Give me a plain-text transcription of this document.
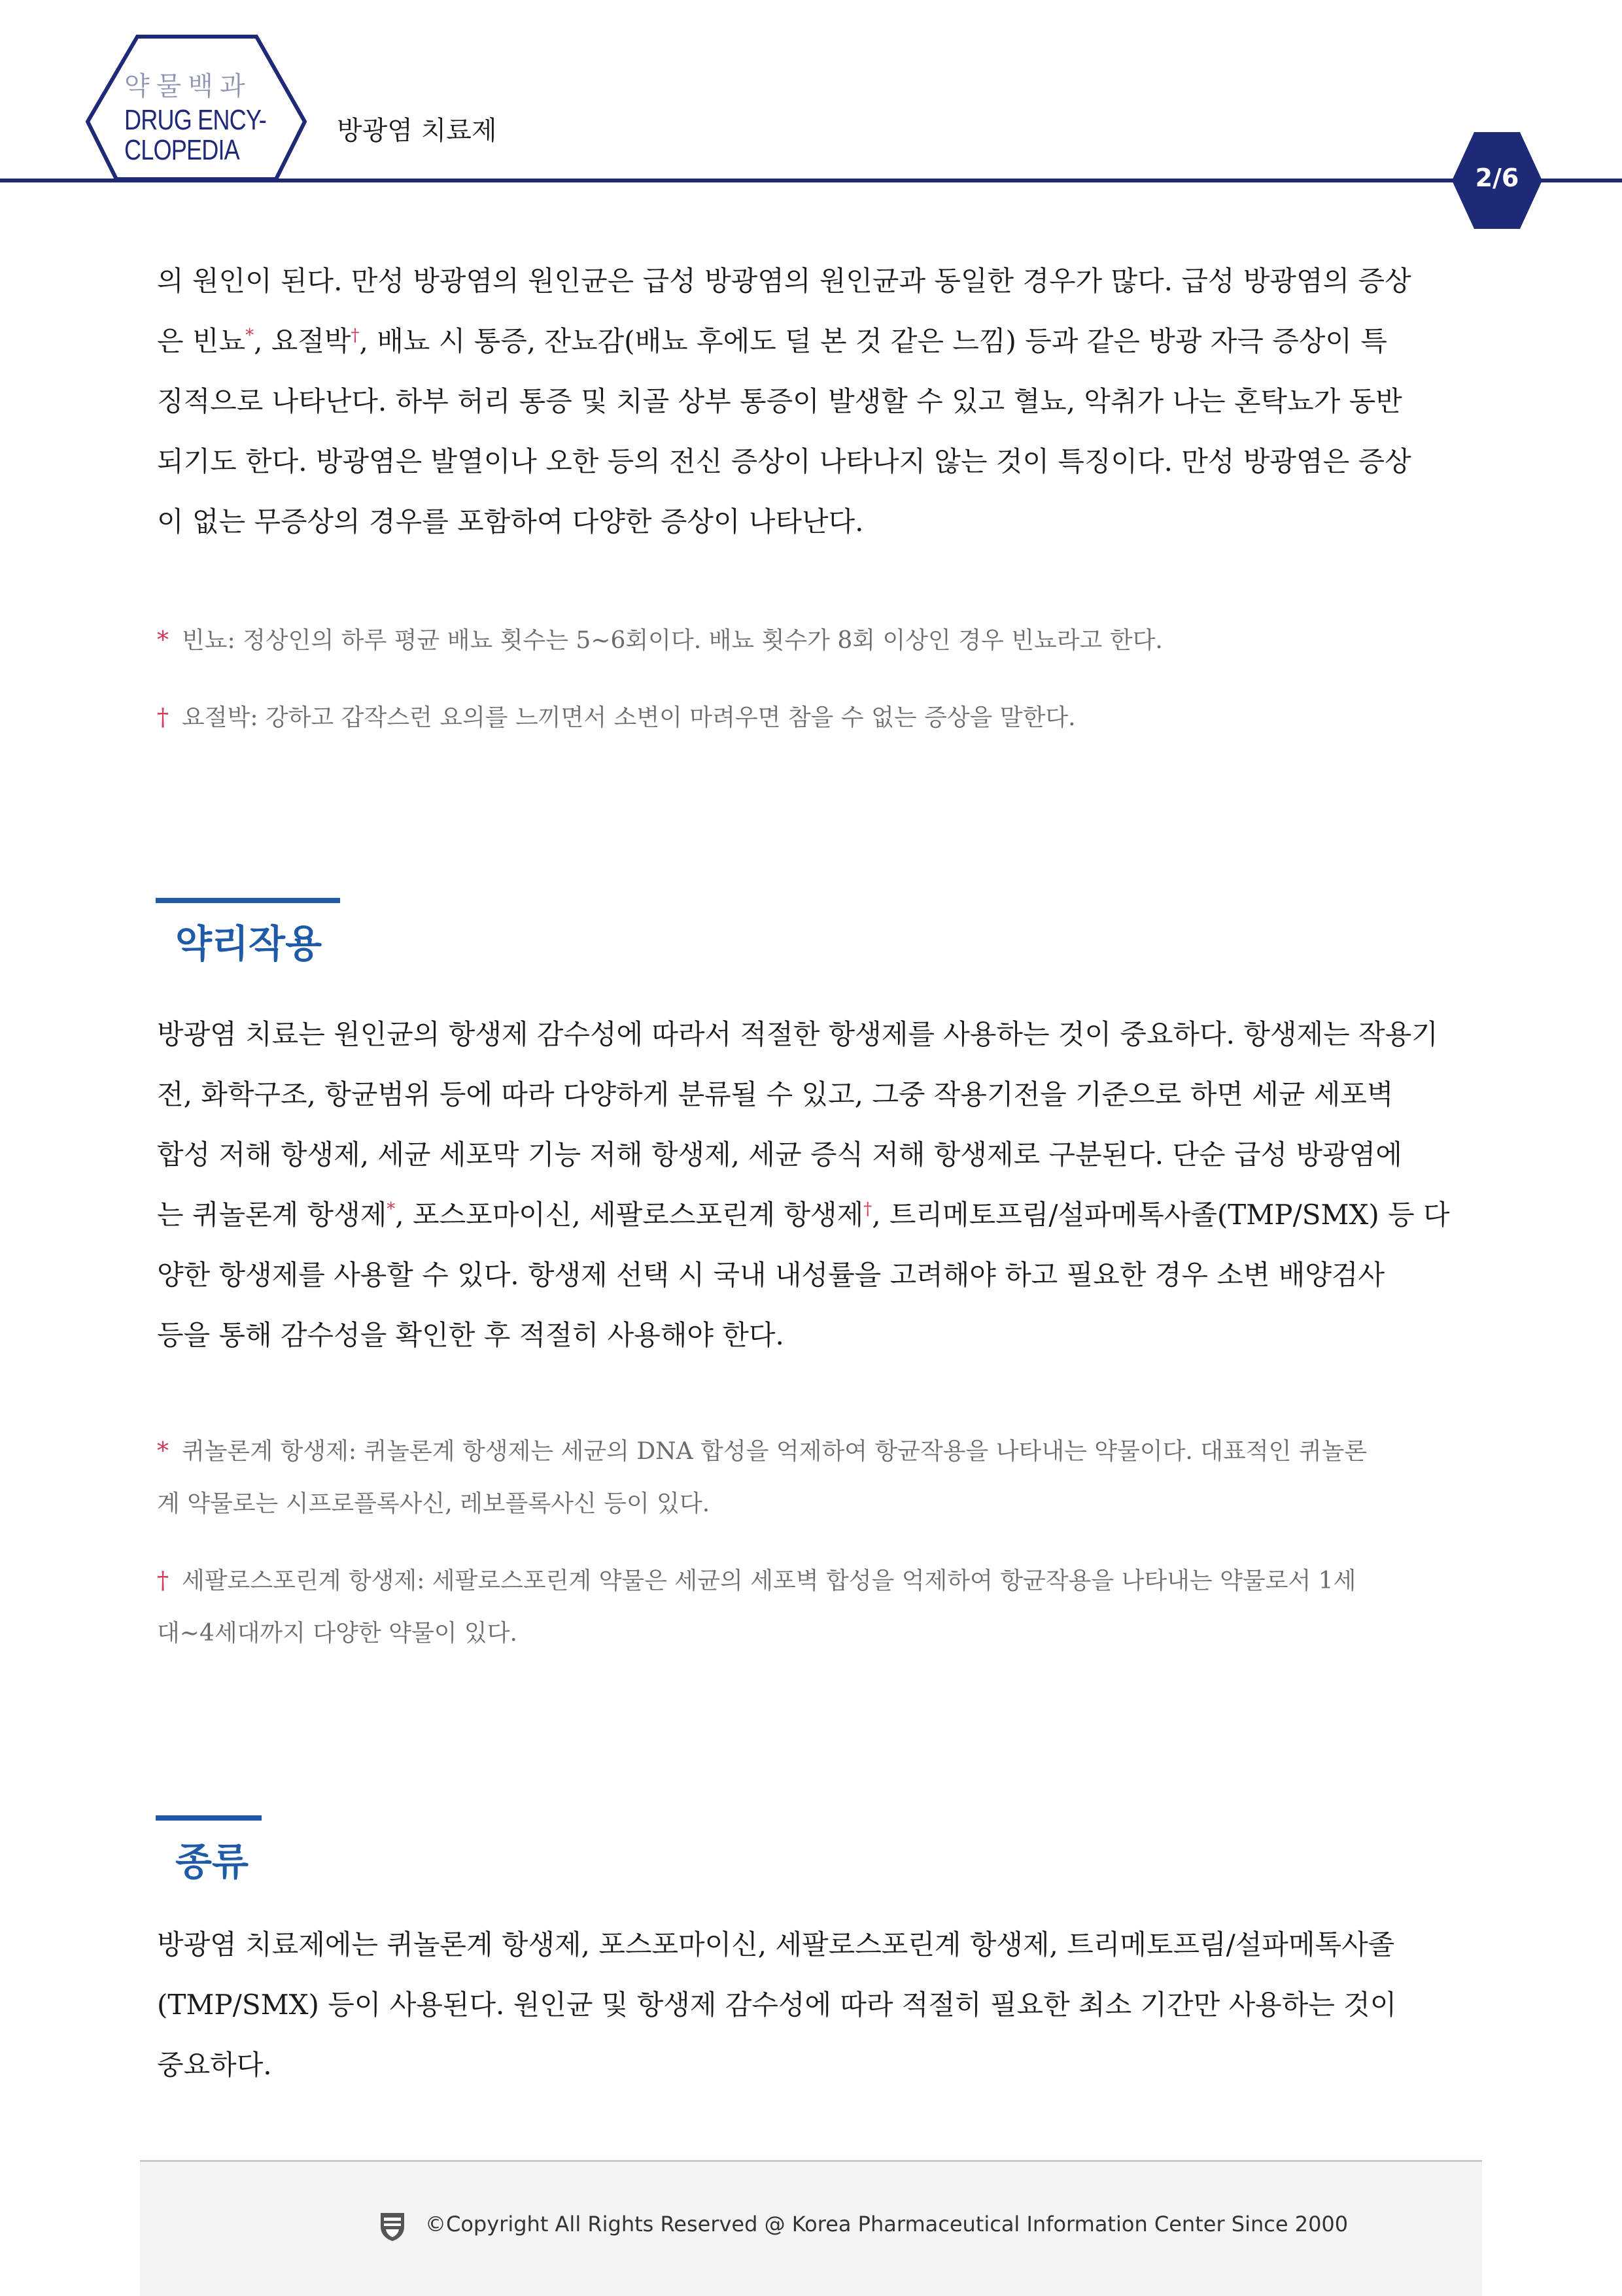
약물백과
DRUG ENCY-
CLOPEDIA
방광염 치료제
2/6
의 원인이 된다. 만성 방광염의 원인균은 급성 방광염의 원인균과 동일한 경우가 많다. 급성 방광염의 증상
은 빈뇨*, 요절박†, 배뇨 시 통증, 잔뇨감(배뇨 후에도 덜 본 것 같은 느낌) 등과 같은 방광 자극 증상이 특
징적으로 나타난다. 하부 허리 통증 및 치골 상부 통증이 발생할 수 있고 혈뇨, 악취가 나는 혼탁뇨가 동반
되기도 한다. 방광염은 발열이나 오한 등의 전신 증상이 나타나지 않는 것이 특징이다. 만성 방광염은 증상
이 없는 무증상의 경우를 포함하여 다양한 증상이 나타난다.
* 빈뇨: 정상인의 하루 평균 배뇨 횟수는 5~6회이다. 배뇨 횟수가 8회 이상인 경우 빈뇨라고 한다.
† 요절박: 강하고 갑작스런 요의를 느끼면서 소변이 마려우면 참을 수 없는 증상을 말한다.
약리작용
방광염 치료는 원인균의 항생제 감수성에 따라서 적절한 항생제를 사용하는 것이 중요하다. 항생제는 작용기
전, 화학구조, 항균범위 등에 따라 다양하게 분류될 수 있고, 그중 작용기전을 기준으로 하면 세균 세포벽
합성 저해 항생제, 세균 세포막 기능 저해 항생제, 세균 증식 저해 항생제로 구분된다. 단순 급성 방광염에
는 퀴놀론계 항생제*, 포스포마이신, 세팔로스포린계 항생제†, 트리메토프림/설파메톡사졸(TMP/SMX) 등 다
양한 항생제를 사용할 수 있다. 항생제 선택 시 국내 내성률을 고려해야 하고 필요한 경우 소변 배양검사
등을 통해 감수성을 확인한 후 적절히 사용해야 한다.
* 퀴놀론계 항생제: 퀴놀론계 항생제는 세균의 DNA 합성을 억제하여 항균작용을 나타내는 약물이다. 대표적인 퀴놀론
계 약물로는 시프로플록사신, 레보플록사신 등이 있다.
† 세팔로스포린계 항생제: 세팔로스포린계 약물은 세균의 세포벽 합성을 억제하여 항균작용을 나타내는 약물로서 1세
대~4세대까지 다양한 약물이 있다.
종류
방광염 치료제에는 퀴놀론계 항생제, 포스포마이신, 세팔로스포린계 항생제, 트리메토프림/설파메톡사졸
(TMP/SMX) 등이 사용된다. 원인균 및 항생제 감수성에 따라 적절히 필요한 최소 기간만 사용하는 것이
중요하다.
©Copyright All Rights Reserved @ Korea Pharmaceutical Information Center Since 2000
